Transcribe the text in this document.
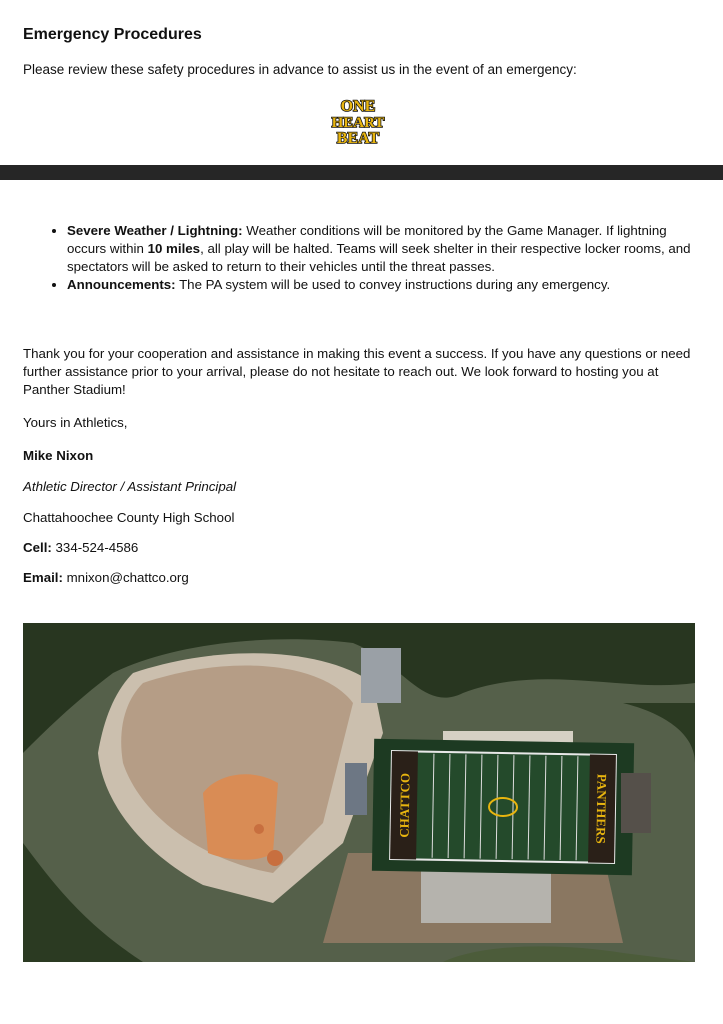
Emergency Procedures

Please review these safety procedures in advance to assist us in the event of an emergency:

ONE
HEART
BEAT
• Severe Weather / Lightning: Weather conditions will be monitored by the Game Manager. If lightning occurs within 10 miles, all play will be halted. Teams will seek shelter in their respective locker rooms, and spectators will be asked to return to their vehicles until the threat passes.
• Announcements: The PA system will be used to convey instructions during any emergency.

Thank you for your cooperation and assistance in making this event a success. If you have any questions or need further assistance prior to your arrival, please do not hesitate to reach out. We look forward to hosting you at Panther Stadium!

Yours in Athletics,

Mike Nixon

Athletic Director / Assistant Principal

Chattahoochee County High School

Cell: 334-524-4586

Email: mnixon@chattco.org

CHATTCO	PANTHERS
